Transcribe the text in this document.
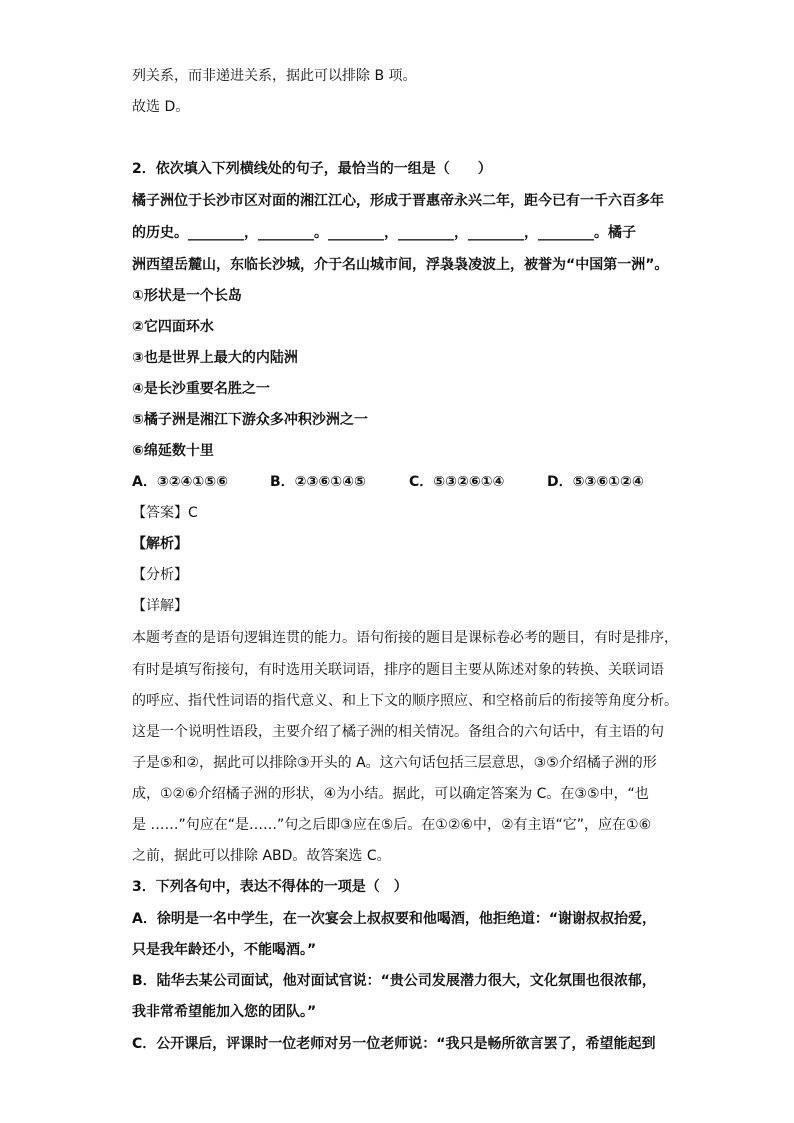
列关系，而非递进关系，据此可以排除 B 项。
故选 D。
2．依次填入下列横线处的句子，最恰当的一组是（　　）
橘子洲位于长沙市区对面的湘江江心，形成于晋惠帝永兴二年，距今已有一千六百多年
的历史。________，________。________，________，________，________。橘子
洲西望岳麓山，东临长沙城，介于名山城市间，浮袅袅凌波上，被誉为“中国第一洲”。
①形状是一个长岛
②它四面环水
③也是世界上最大的内陆洲
④是长沙重要名胜之一
⑤橘子洲是湘江下游众多冲积沙洲之一
⑥绵延数十里
A．③②④①⑤⑥	B．②③⑥①④⑤	C．⑤③②⑥①④	D．⑤③⑥①②④
【答案】C
【解析】
【分析】
【详解】
本题考查的是语句逻辑连贯的能力。语句衔接的题目是课标卷必考的题目，有时是排序，
有时是填写衔接句，有时选用关联词语，排序的题目主要从陈述对象的转换、关联词语
的呼应、指代性词语的指代意义、和上下文的顺序照应、和空格前后的衔接等角度分析。
这是一个说明性语段，主要介绍了橘子洲的相关情况。备组合的六句话中，有主语的句
子是⑤和②，据此可以排除③开头的 A。这六句话包括三层意思，③⑤介绍橘子洲的形
成，①②⑥介绍橘子洲的形状，④为小结。据此，可以确定答案为 C。在③⑤中，“也
是 ……”句应在“是……”句之后即③应在⑤后。在①②⑥中，②有主语“它”，应在①⑥
之前，据此可以排除 ABD。故答案选 C。
3．下列各句中，表达不得体的一项是（　）
A．徐明是一名中学生，在一次宴会上叔叔要和他喝酒，他拒绝道：“谢谢叔叔抬爱，
只是我年龄还小，不能喝酒。”
B．陆华去某公司面试，他对面试官说：“贵公司发展潜力很大，文化氛围也很浓郁，
我非常希望能加入您的团队。”
C．公开课后，评课时一位老师对另一位老师说：“我只是畅所欲言罢了，希望能起到
